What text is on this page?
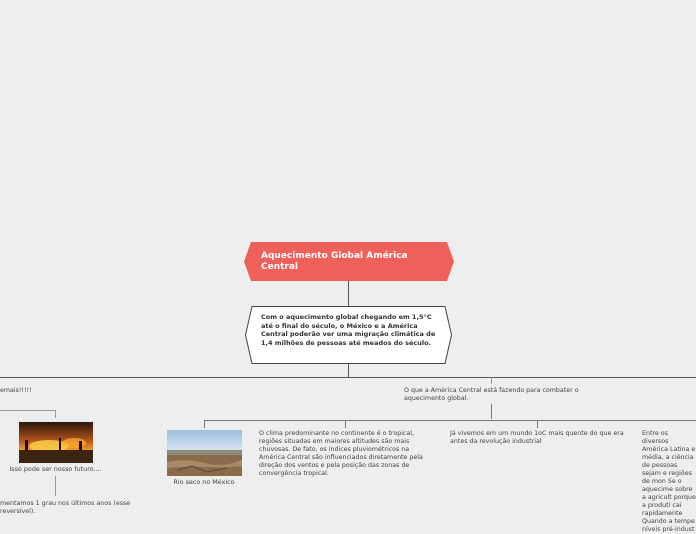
Aquecimento Global América Central
Com o aquecimento global chegando em 1,5°C até o final do século, o México e a América Central poderão ver uma migração climática de 1,4 milhões de pessoas até meados do século.
emais!!!!!
Isso pode ser nosso futuro....
mentamos 1 grau nos últimos anos (esse reversível).
O que a América Central está fazendo para combater o aquecimento global.
Rio seco no México
O clima predominante no continente é o tropical, regiões situadas em maiores altitudes são mais chuvosas. De fato, os índices pluviométricos na América Central são influenciados diretamente pela direção dos ventos e pela posição das zonas de convergência tropical.
Já vivemos em um mundo 1oC mais quente do que era antes da revolução industrial
Entre os diversos América Latina e média, a ciência de pessoas sejam e regiões de mon Se o aquecime sobre a agricult porque a produti cai rapidamente Quando a tempe níveis pré-indust
